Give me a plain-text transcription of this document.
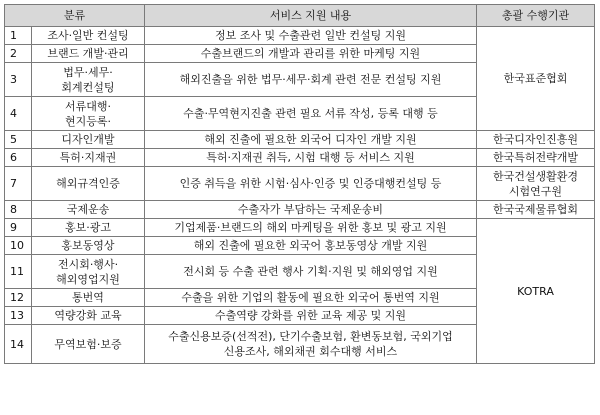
분류		서비스 지원 내용	총괄 수행기관
1	조사·일반 컨설팅	정보 조사 및 수출관련 일반 컨설팅 지원	한국표준협회

2	브랜드 개발·관리	수출브랜드의 개발과 관리를 위한 마케팅 지원	

3	법무·세무·
회계컨설팅	해외진출을 위한 법무·세무·회계 관련 전문 컨설팅 지원	

4	서류대행·
현지등록·	수출·무역현지진출 관련 필요 서류 작성, 등록 대행 등	

5	디자인개발	해외 진출에 필요한 외국어 디자인 개발 지원	한국디자인진흥원

6	특허·지재권	특허·지재권 취득, 시험 대행 등 서비스 지원	한국특허전략개발

7	해외규격인증	인증 취득을 위한 시험·심사·인증 및 인증대행컨설팅 등	한국건설생활환경
시험연구원

8	국제운송	수출자가 부담하는 국제운송비	한국국제물류협회

9	홍보·광고	기업제품·브랜드의 해외 마케팅을 위한 홍보 및 광고 지원	KOTRA

10	홍보동영상	해외 진출에 필요한 외국어 홍보동영상 개발 지원	

11	전시회·행사·
해외영업지원	전시회 등 수출 관련 행사 기획·지원 및 해외영업 지원	

12	통번역	수출을 위한 기업의 활동에 필요한 외국어 통번역 지원	

13	역량강화 교육	수출역량 강화를 위한 교육 제공 및 지원	

14	무역보험·보증	수출신용보증(선적전), 단기수출보험, 환변동보험, 국외기업
신용조사, 해외채권 회수대행 서비스	
